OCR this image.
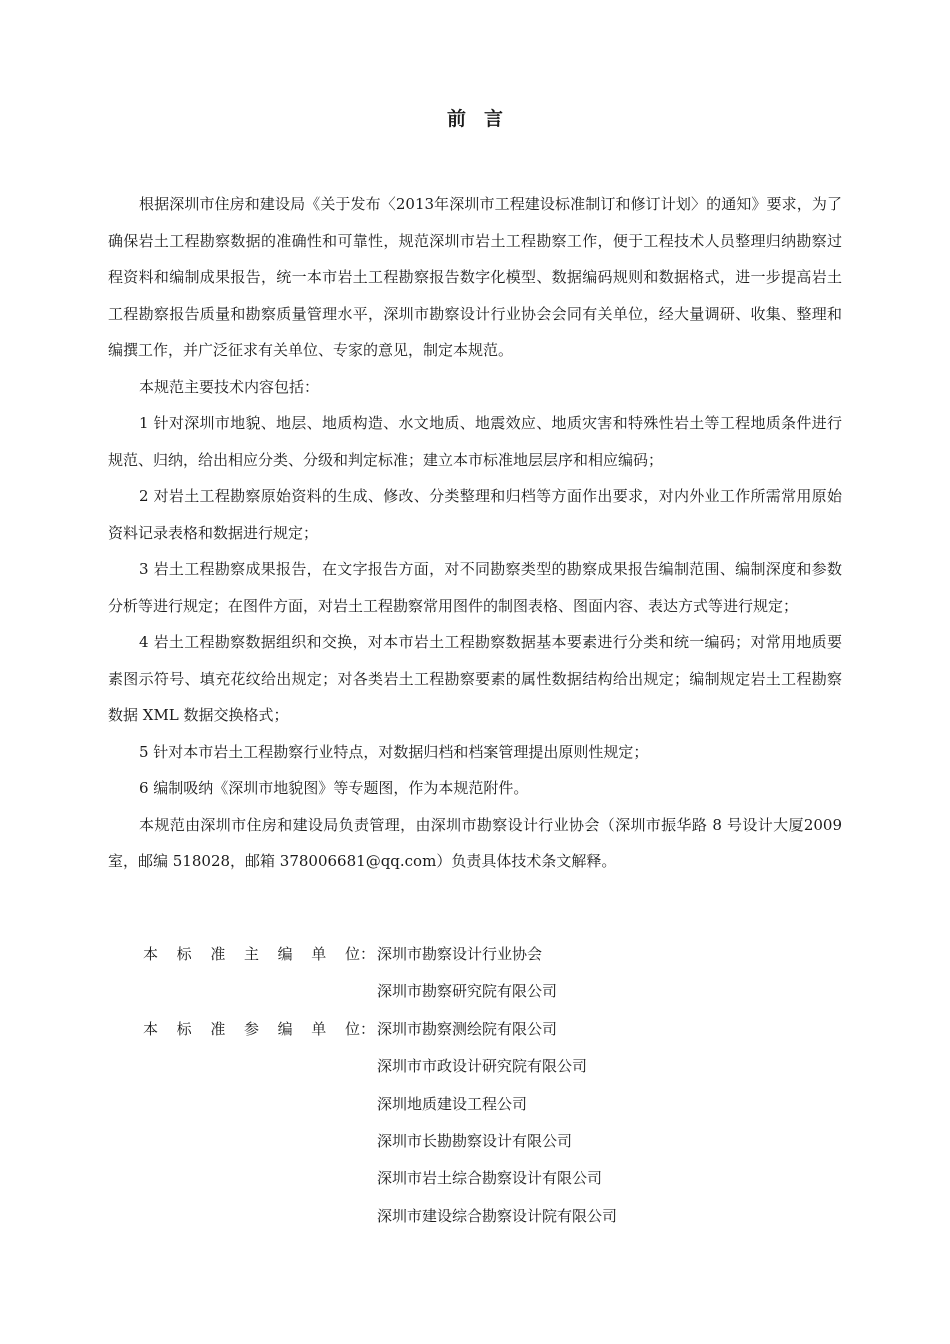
前言

根据深圳市住房和建设局《关于发布〈2013年深圳市工程建设标准制订和修订计划〉的通知》要求，为了确保岩土工程勘察数据的准确性和可靠性，规范深圳市岩土工程勘察工作，便于工程技术人员整理归纳勘察过程资料和编制成果报告，统一本市岩土工程勘察报告数字化模型、数据编码规则和数据格式，进一步提高岩土工程勘察报告质量和勘察质量管理水平，深圳市勘察设计行业协会会同有关单位，经大量调研、收集、整理和编撰工作，并广泛征求有关单位、专家的意见，制定本规范。

本规范主要技术内容包括：

1 针对深圳市地貌、地层、地质构造、水文地质、地震效应、地质灾害和特殊性岩土等工程地质条件进行规范、归纳，给出相应分类、分级和判定标准；建立本市标准地层层序和相应编码；

2 对岩土工程勘察原始资料的生成、修改、分类整理和归档等方面作出要求，对内外业工作所需常用原始资料记录表格和数据进行规定；

3 岩土工程勘察成果报告，在文字报告方面，对不同勘察类型的勘察成果报告编制范围、编制深度和参数分析等进行规定；在图件方面，对岩土工程勘察常用图件的制图表格、图面内容、表达方式等进行规定；

4 岩土工程勘察数据组织和交换，对本市岩土工程勘察数据基本要素进行分类和统一编码；对常用地质要素图示符号、填充花纹给出规定；对各类岩土工程勘察要素的属性数据结构给出规定；编制规定岩土工程勘察数据 XML 数据交换格式；

5 针对本市岩土工程勘察行业特点，对数据归档和档案管理提出原则性规定；

6 编制吸纳《深圳市地貌图》等专题图，作为本规范附件。

本规范由深圳市住房和建设局负责管理，由深圳市勘察设计行业协会（深圳市振华路 8 号设计大厦2009 室，邮编 518028，邮箱 378006681@qq.com）负责具体技术条文解释。

本 标 准 主 编 单 位： 深圳市勘察设计行业协会
深圳市勘察研究院有限公司
本 标 准 参 编 单 位： 深圳市勘察测绘院有限公司
深圳市市政设计研究院有限公司
深圳地质建设工程公司
深圳市长勘勘察设计有限公司
深圳市岩土综合勘察设计有限公司
深圳市建设综合勘察设计院有限公司
